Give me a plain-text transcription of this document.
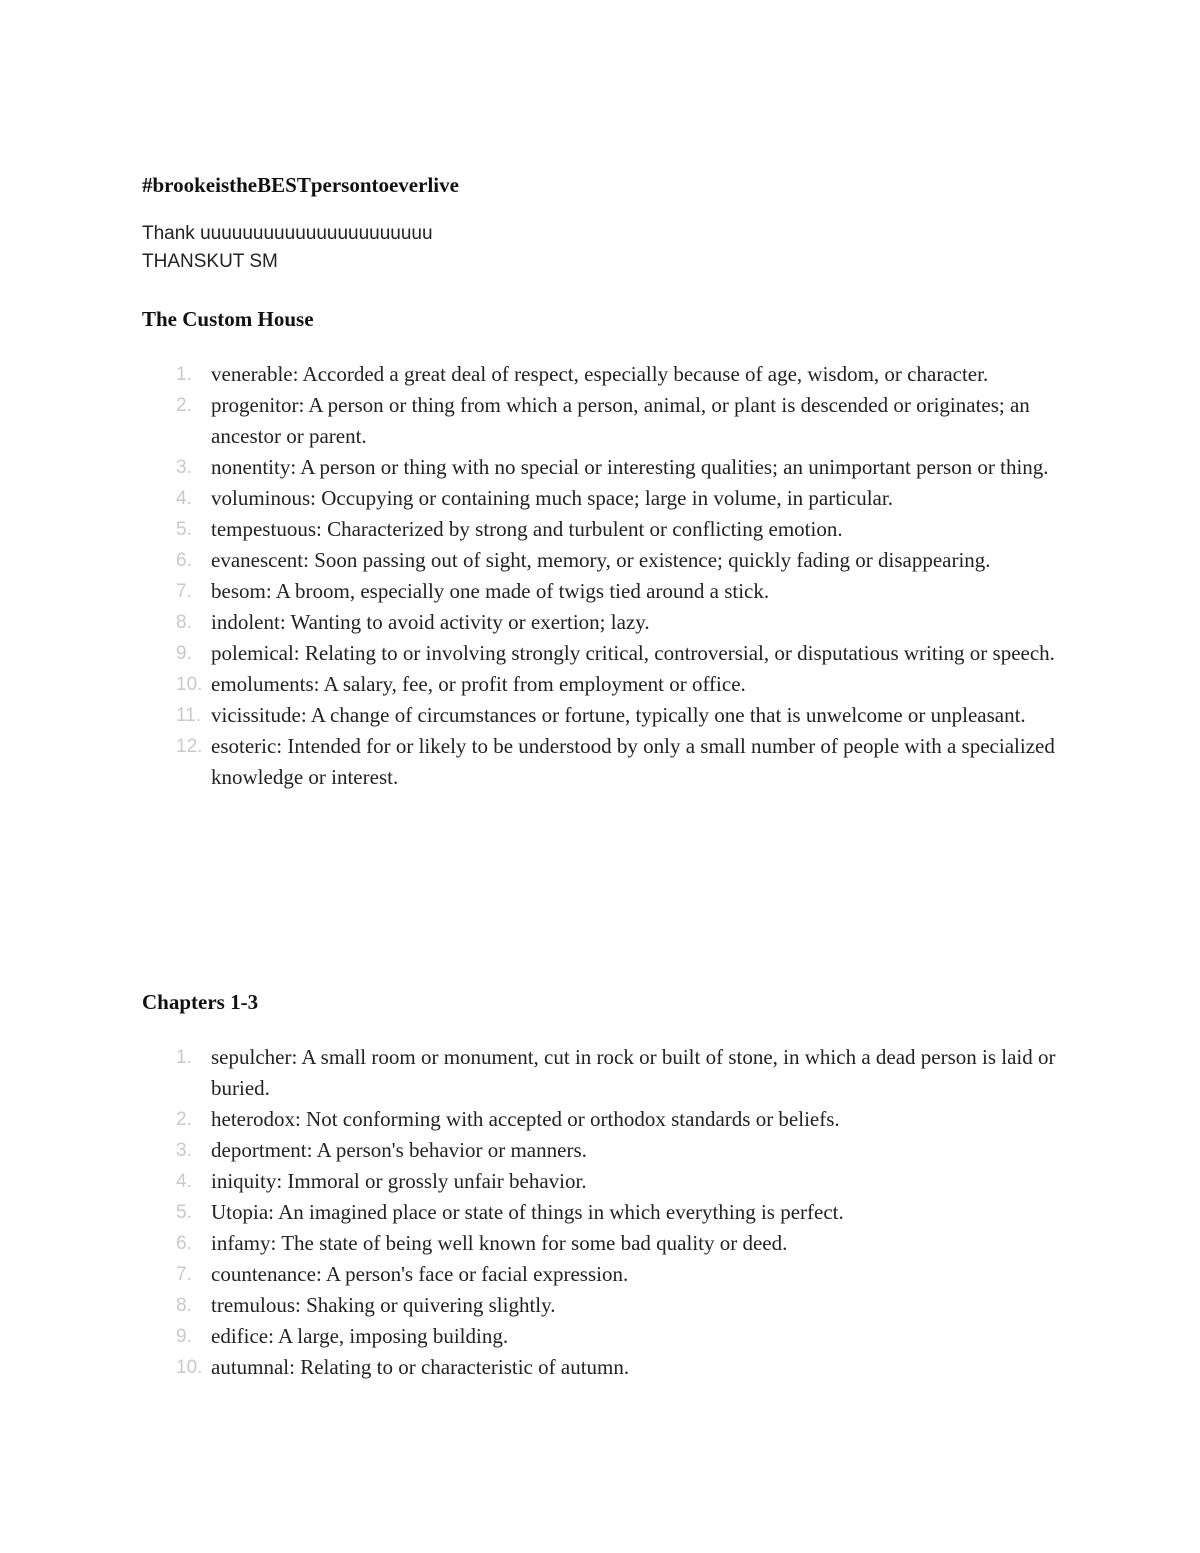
#brookeistheBESTpersontoeverlive
Thank uuuuuuuuuuuuuuuuuuuuuu
THANSKUT SM
The Custom House
1. venerable: Accorded a great deal of respect, especially because of age, wisdom, or character.
2. progenitor: A person or thing from which a person, animal, or plant is descended or originates; an ancestor or parent.
3. nonentity: A person or thing with no special or interesting qualities; an unimportant person or thing.
4. voluminous: Occupying or containing much space; large in volume, in particular.
5. tempestuous: Characterized by strong and turbulent or conflicting emotion.
6. evanescent: Soon passing out of sight, memory, or existence; quickly fading or disappearing.
7. besom: A broom, especially one made of twigs tied around a stick.
8. indolent: Wanting to avoid activity or exertion; lazy.
9. polemical: Relating to or involving strongly critical, controversial, or disputatious writing or speech.
10. emoluments: A salary, fee, or profit from employment or office.
11. vicissitude: A change of circumstances or fortune, typically one that is unwelcome or unpleasant.
12. esoteric: Intended for or likely to be understood by only a small number of people with a specialized knowledge or interest.
Chapters 1-3
1. sepulcher: A small room or monument, cut in rock or built of stone, in which a dead person is laid or buried.
2. heterodox: Not conforming with accepted or orthodox standards or beliefs.
3. deportment: A person's behavior or manners.
4. iniquity: Immoral or grossly unfair behavior.
5. Utopia: An imagined place or state of things in which everything is perfect.
6. infamy: The state of being well known for some bad quality or deed.
7. countenance: A person's face or facial expression.
8. tremulous: Shaking or quivering slightly.
9. edifice: A large, imposing building.
10. autumnal: Relating to or characteristic of autumn.
